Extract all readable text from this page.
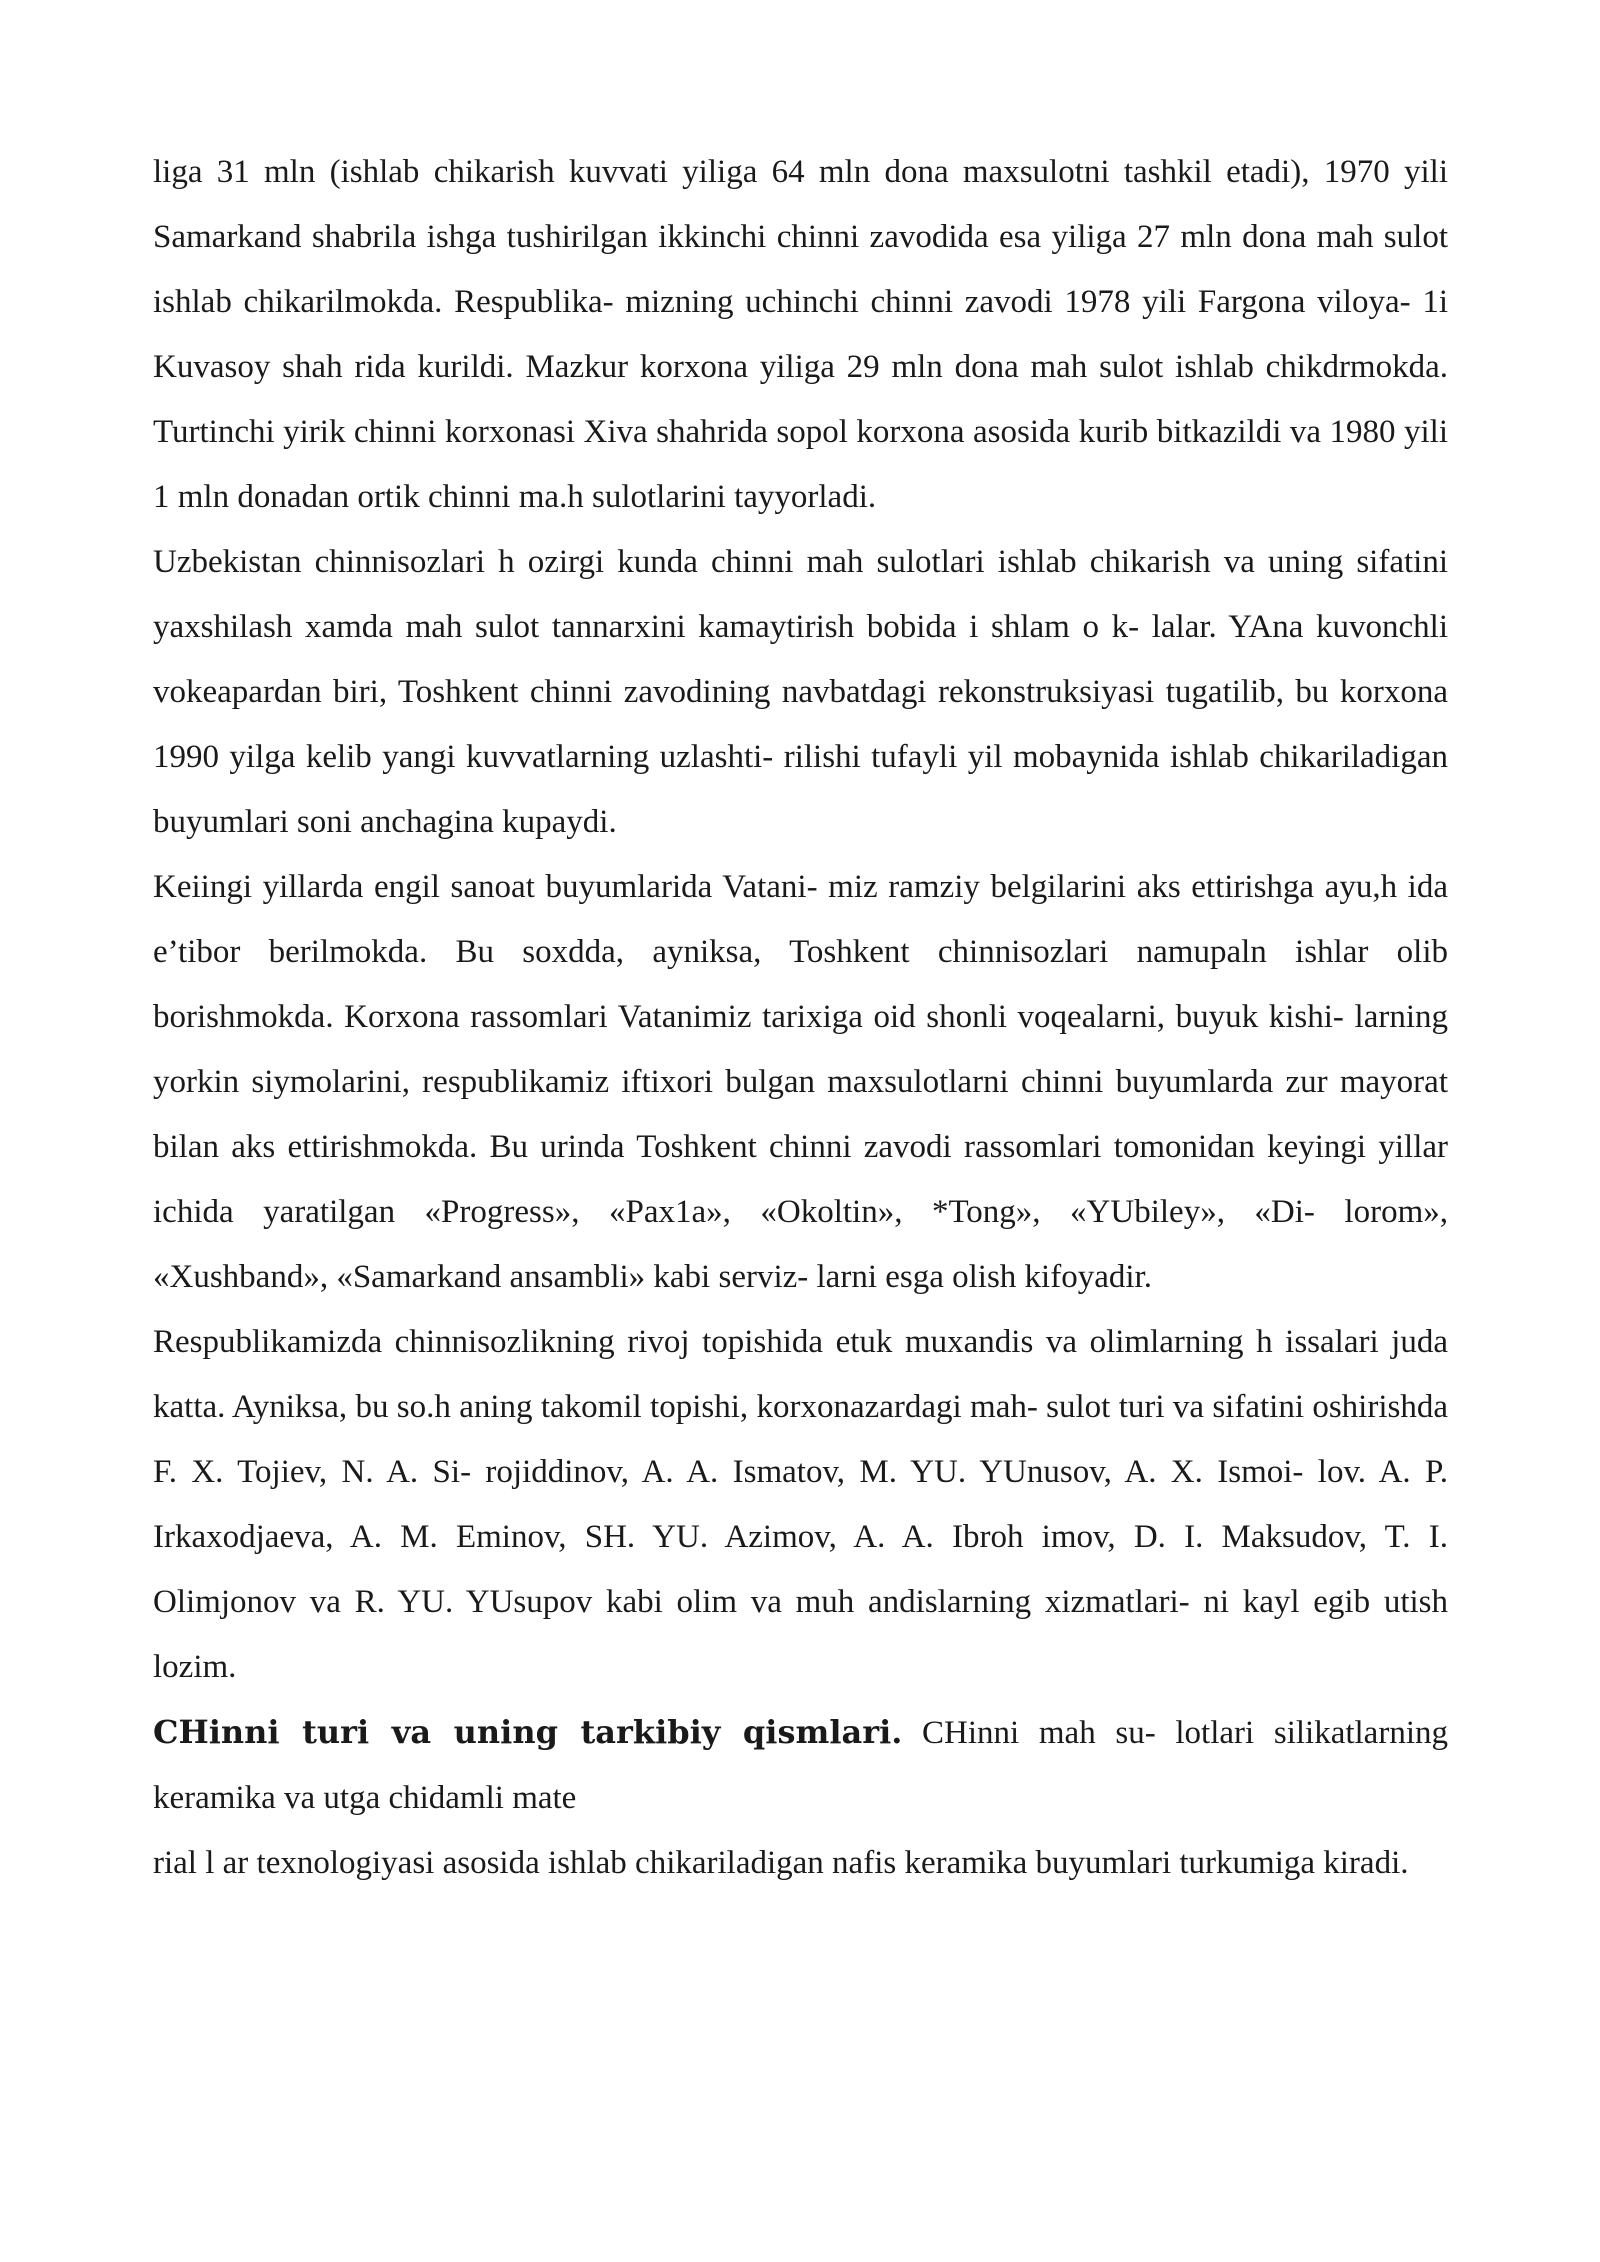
liga 31 mln (ishlab chikarish kuvvati yiliga 64 mln dona maxsulotni tashkil etadi), 1970 yili Samarkand shabrila ishga tushirilgan ikkinchi chinni zavodida esa yiliga 27 mln dona mah sulot ishlab chikarilmokda. Respublika- mizning uchinchi chinni zavodi 1978 yili Fargona viloya- 1i Kuvasoy shah rida kurildi. Mazkur korxona yiliga 29 mln dona mah sulot ishlab chikdrmokda. Turtinchi yirik chinni korxonasi Xiva shahrida sopol korxona asosida kurib bitkazildi va 1980 yili 1 mln donadan ortik chinni ma.h sulotlarini tayyorladi.

Uzbekistan chinnisozlari h ozirgi kunda chinni mah sulotlari ishlab chikarish va uning sifatini yaxshilash xamda mah sulot tannarxini kamaytirish bobida i shlam o k- lalar. YAna kuvonchli vokeapardan biri, Toshkent chinni zavodining navbatdagi rekonstruksiyasi tugatilib, bu korxona 1990 yilga kelib yangi kuvvatlarning uzlashti- rilishi tufayli yil mobaynida ishlab chikariladigan buyumlari soni anchagina kupaydi.

Keiingi yillarda engil sanoat buyumlarida Vatani- miz ramziy belgilarini aks ettirishga ayu,h ida e’tibor berilmokda. Bu soxdda, ayniksa, Toshkent chinnisozlari namupaln ishlar olib borishmokda. Korxona rassomlari Vatanimiz tarixiga oid shonli voqealarni, buyuk kishi- larning yorkin siymolarini, respublikamiz iftixori bulgan maxsulotlarni chinni buyumlarda zur mayorat bilan aks ettirishmokda. Bu urinda Toshkent chinni zavodi rassomlari tomonidan keyingi yillar ichida yaratilgan «Progress», «Pax1a», «Okoltin», *Tong», «YUbiley», «Di- lorom», «Xushband», «Samarkand ansambli» kabi serviz- larni esga olish kifoyadir.

Respublikamizda chinnisozlikning rivoj topishida etuk muxandis va olimlarning h issalari juda katta. Ayniksa, bu so.h aning takomil topishi, korxonazardagi mah- sulot turi va sifatini oshirishda F. X. Tojiev, N. A. Si- rojiddinov, A. A. Ismatov, M. YU. YUnusov, A. X. Ismoi- lov. A. P. Irkaxodjaeva, A. M. Eminov, SH. YU. Azimov, A. A. Ibroh imov, D. I. Maksudov, T. I. Olimjonov va R. YU. YUsupov kabi olim va muh andislarning xizmatlari- ni kayl egib utish lozim.

CHinni turi va uning tarkibiy qismlari. CHinni mah su- lotlari silikatlarning keramika va utga chidamli mate

rial l ar texnologiyasi asosida ishlab chikariladigan nafis keramika buyumlari turkumiga kiradi.
